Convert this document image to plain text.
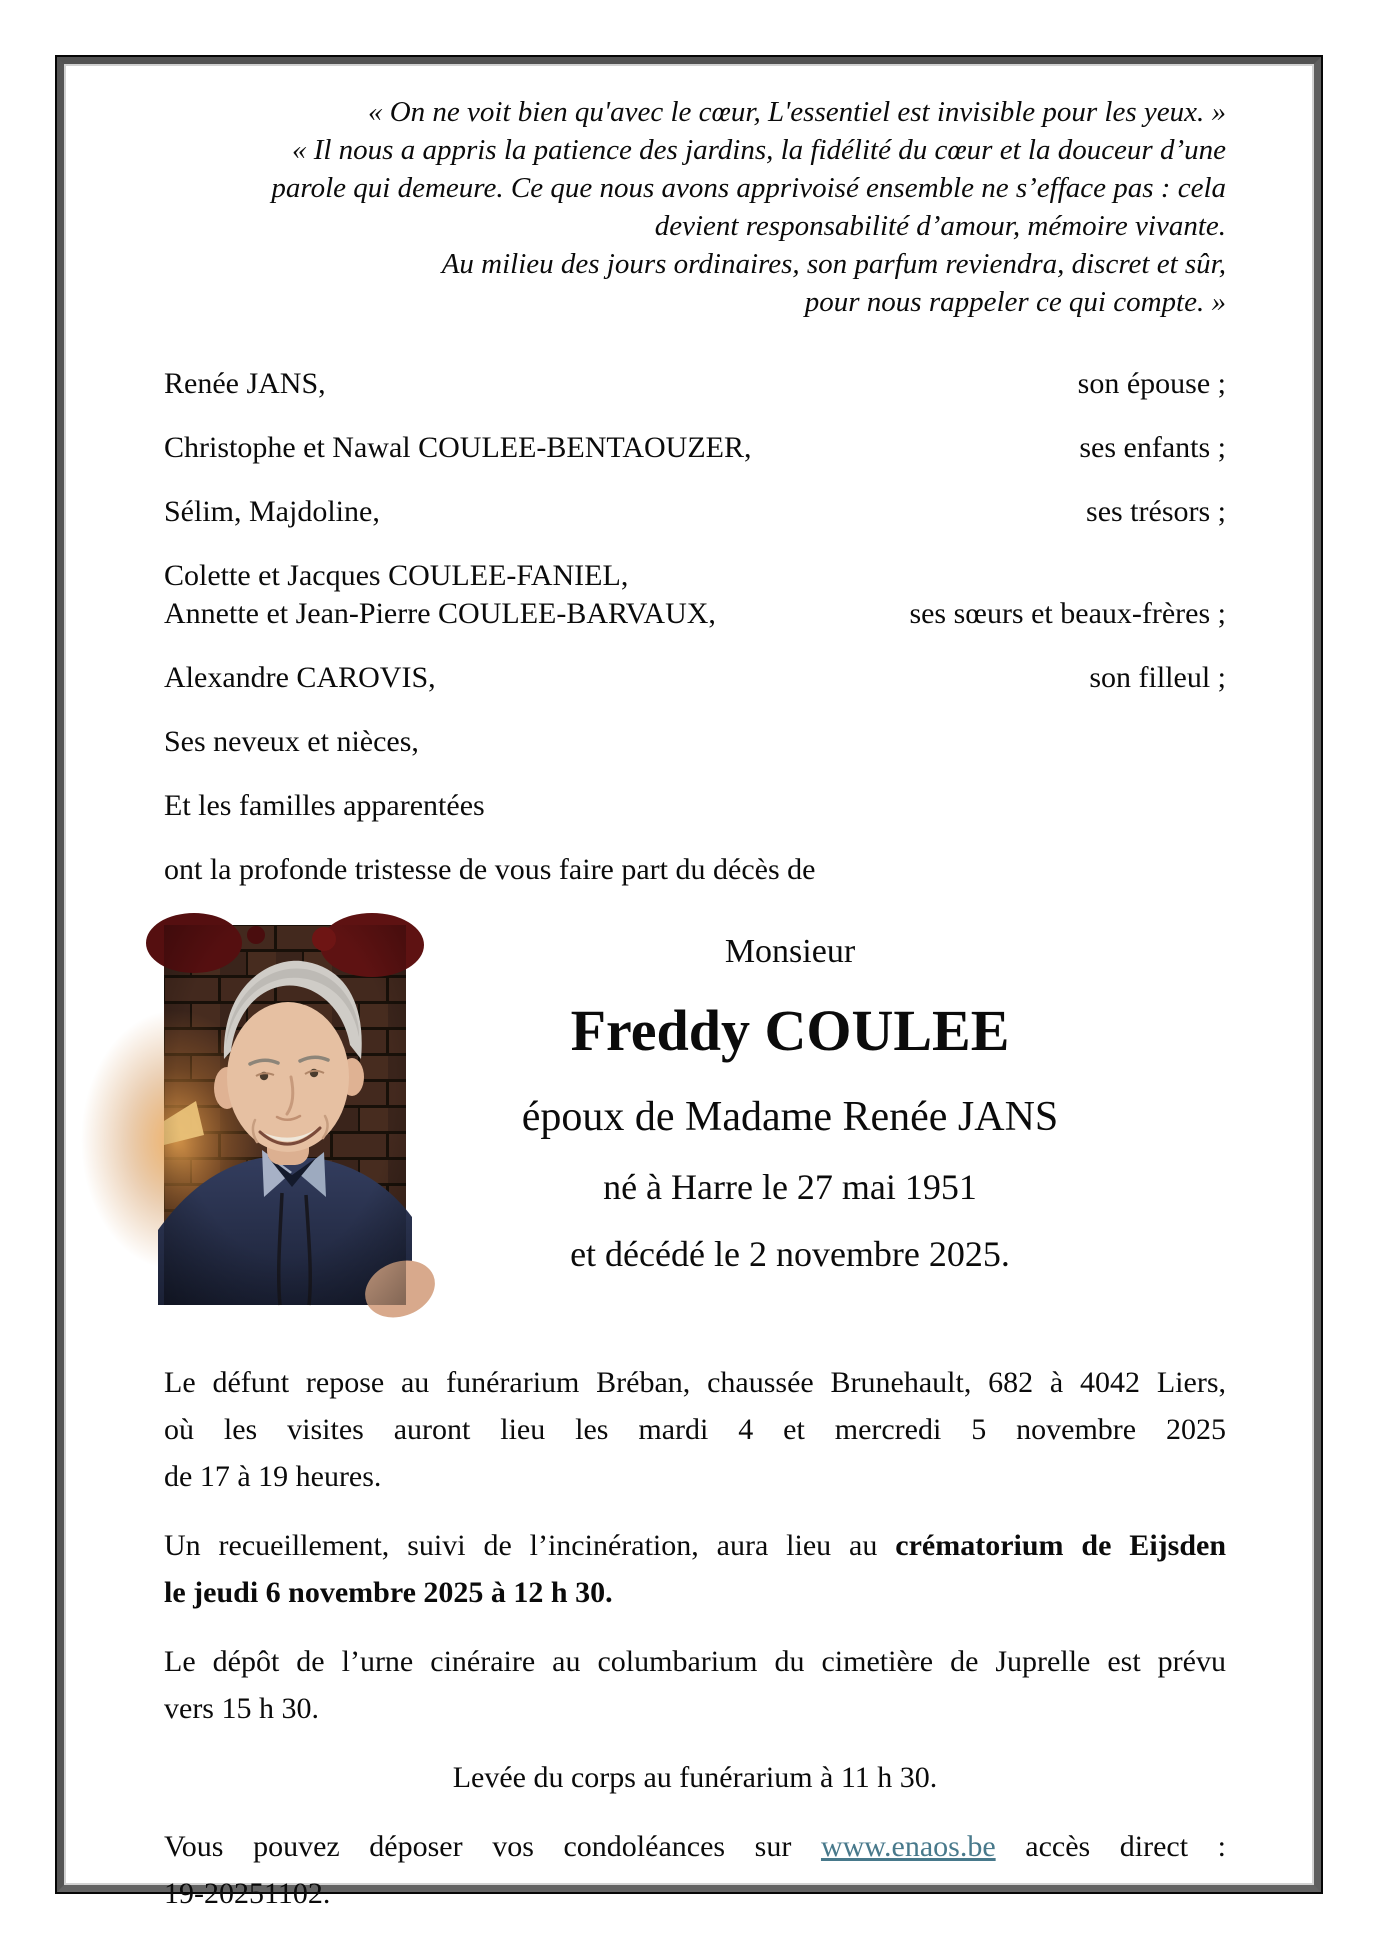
« On ne voit bien qu'avec le cœur, L'essentiel est invisible pour les yeux. »
« Il nous a appris la patience des jardins, la fidélité du cœur et la douceur d’une
parole qui demeure. Ce que nous avons apprivoisé ensemble ne s’efface pas : cela
devient responsabilité d’amour, mémoire vivante.
Au milieu des jours ordinaires, son parfum reviendra, discret et sûr,
pour nous rappeler ce qui compte. »
Renée JANS,	son épouse ;
Christophe et Nawal COULEE-BENTAOUZER,	ses enfants ;
Sélim, Majdoline,	ses trésors ;
Colette et Jacques COULEE-FANIEL,
Annette et Jean-Pierre COULEE-BARVAUX,	ses sœurs et beaux-frères ;
Alexandre CAROVIS,	son filleul ;
Ses neveux et nièces,
Et les familles apparentées
ont la profonde tristesse de vous faire part du décès de
Monsieur
Freddy COULEE
époux de Madame Renée JANS
né à Harre le 27 mai 1951
et décédé le 2 novembre 2025.
Le défunt repose au funérarium Bréban, chaussée Brunehault, 682 à 4042 Liers,
où les visites auront lieu les mardi 4 et mercredi 5 novembre 2025
de 17 à 19 heures.
Un recueillement, suivi de l’incinération, aura lieu au crématorium de Eijsden
le jeudi 6 novembre 2025 à 12 h 30.
Le dépôt de l’urne cinéraire au columbarium du cimetière de Juprelle est prévu
vers 15 h 30.
Levée du corps au funérarium à 11 h 30.
Vous pouvez déposer vos condoléances sur www.enaos.be accès direct :
19-20251102.
